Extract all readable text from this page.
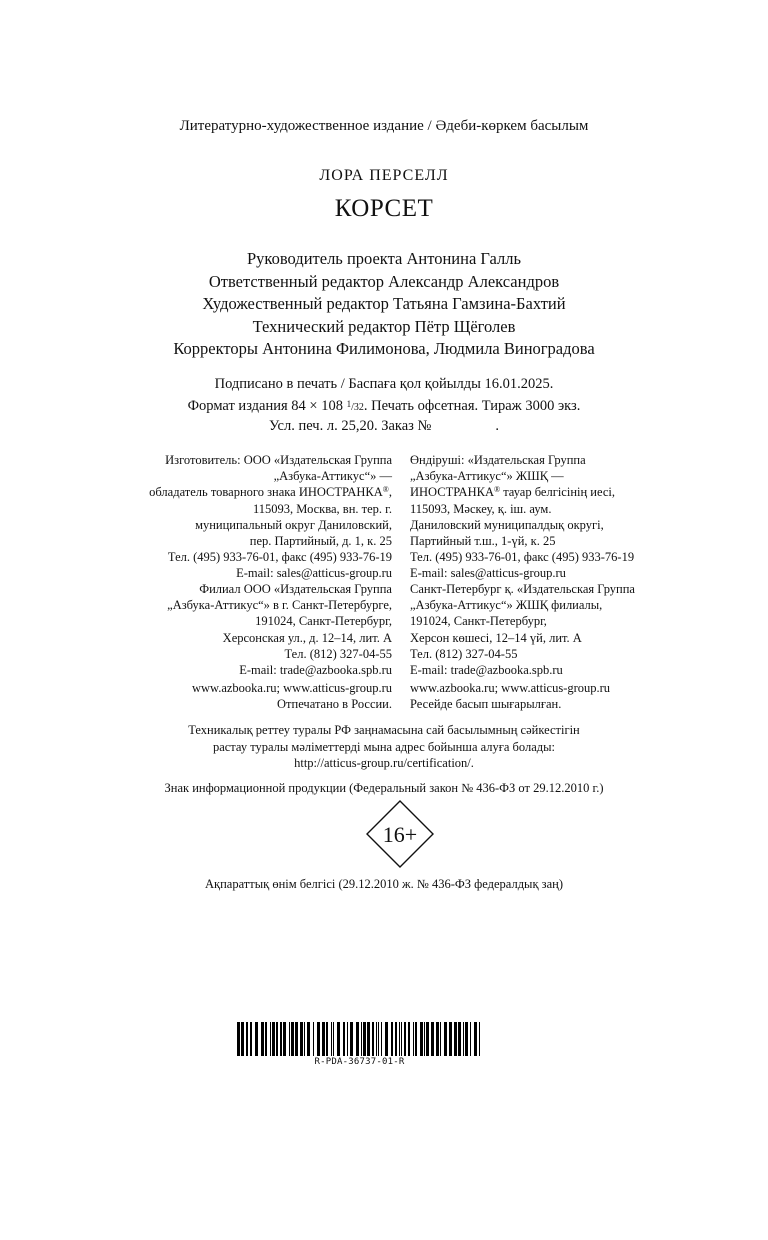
Литературно-художественное издание / Әдеби-көркем басылым
ЛОРА ПЕРСЕЛЛ
КОРСЕТ
Руководитель проекта Антонина Галль
Ответственный редактор Александр Александров
Художественный редактор Татьяна Гамзина-Бахтий
Технический редактор Пётр Щёголев
Корректоры Антонина Филимонова, Людмила Виноградова
Подписано в печать / Баспаға қол қойылды 16.01.2025.
Формат издания 84 × 108 $^1$/32. Печать офсетная. Тираж 3000 экз.
Усл. печ. л. 25,20. Заказ №	.
Изготовитель: ООО «Издательская Группа
„Азбука-Аттикус“» —
обладатель товарного знака ИНОСТРАНКА®,
115093, Москва, вн. тер. г.
муниципальный округ Даниловский,
пер. Партийный, д. 1, к. 25
Тел. (495) 933-76-01, факс (495) 933-76-19
E-mail: sales@atticus-group.ru
Өндіруші: «Издательская Группа
„Азбука-Аттикус“» ЖШҚ —
ИНОСТРАНКА® тауар белгісінің иесі,
115093, Мәскеу, қ. іш. аум.
Даниловский муниципалдық округі,
Партийный т.ш., 1-үй, к. 25
Тел. (495) 933-76-01, факс (495) 933-76-19
E-mail: sales@atticus-group.ru
Филиал ООО «Издательская Группа
„Азбука-Аттикус“» в г. Санкт-Петербурге,
191024, Санкт-Петербург,
Херсонская ул., д. 12–14, лит. А
Тел. (812) 327-04-55
E-mail: trade@azbooka.spb.ru
Санкт-Петербург қ. «Издательская Группа
„Азбука-Аттикус“» ЖШҚ филиалы,
191024, Санкт-Петербург,
Херсон көшесі, 12–14 үй, лит. А
Тел. (812) 327-04-55
E-mail: trade@azbooka.spb.ru
www.azbooka.ru; www.atticus-group.ru
Отпечатано в России.
www.azbooka.ru; www.atticus-group.ru
Ресейде басып шығарылған.
Техникалық реттеу туралы РФ заңнамасына сай басылымның сәйкестігін
растау туралы мәліметтерді мына адрес бойынша алуға болады:
http://atticus-group.ru/certification/.
Знак информационной продукции (Федеральный закон № 436-ФЗ от 29.12.2010 г.)
16+
Ақпараттық өнім белгісі (29.12.2010 ж. № 436-ФЗ федералдық заң)
R-PDA-36737-01-R
